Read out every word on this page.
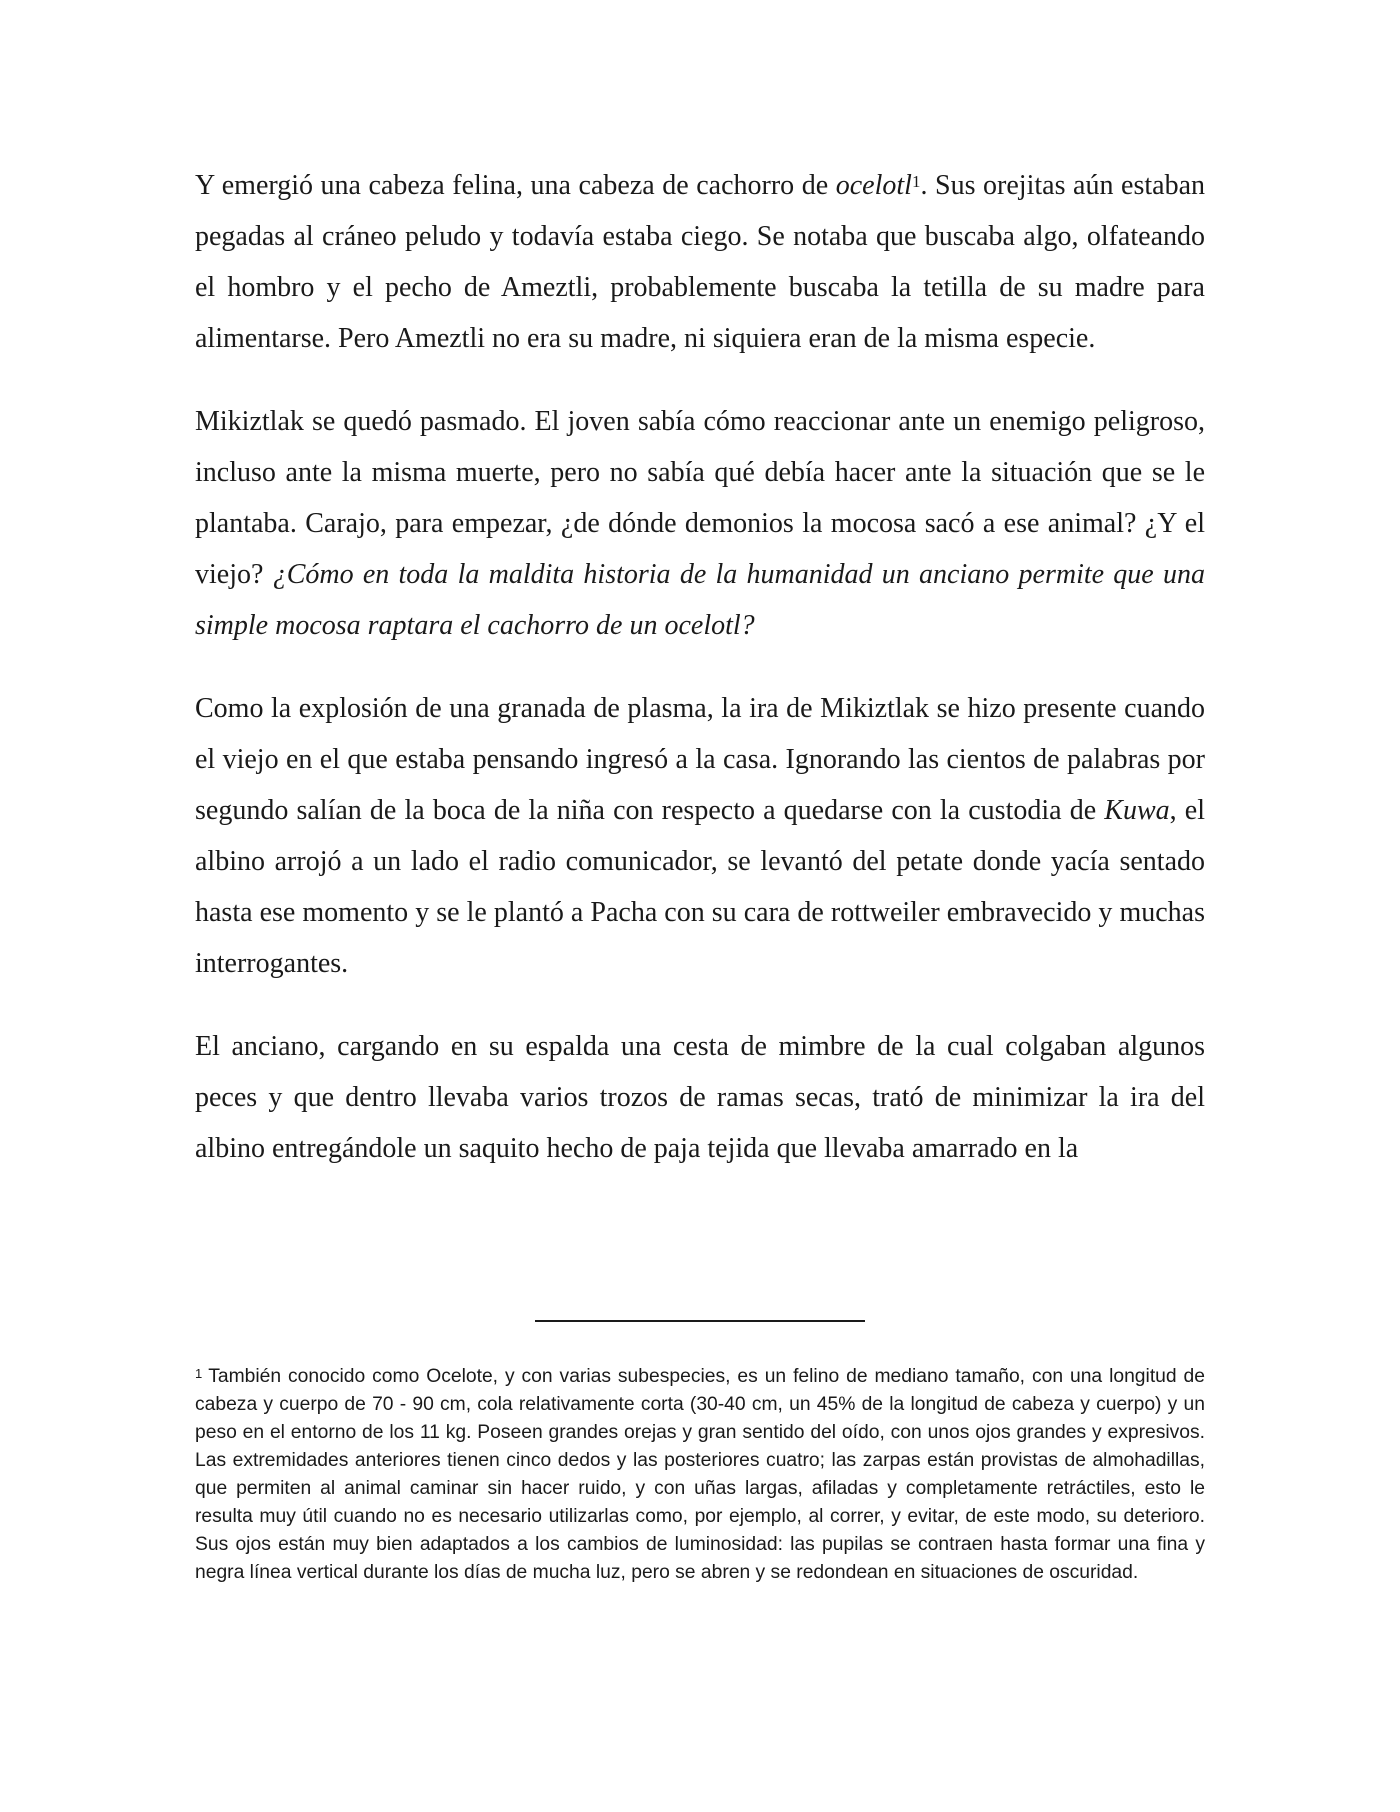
Y emergió una cabeza felina, una cabeza de cachorro de ocelotl$^1$. Sus orejitas aún estaban pegadas al cráneo peludo y todavía estaba ciego. Se notaba que buscaba algo, olfateando el hombro y el pecho de Ameztli, probablemente buscaba la tetilla de su madre para alimentarse. Pero Ameztli no era su madre, ni siquiera eran de la misma especie.

Mikiztlak se quedó pasmado. El joven sabía cómo reaccionar ante un enemigo peligroso, incluso ante la misma muerte, pero no sabía qué debía hacer ante la situación que se le plantaba. Carajo, para empezar, ¿de dónde demonios la mocosa sacó a ese animal? ¿Y el viejo? ¿Cómo en toda la maldita historia de la humanidad un anciano permite que una simple mocosa raptara el cachorro de un ocelotl?

Como la explosión de una granada de plasma, la ira de Mikiztlak se hizo presente cuando el viejo en el que estaba pensando ingresó a la casa. Ignorando las cientos de palabras por segundo salían de la boca de la niña con respecto a quedarse con la custodia de Kuwa, el albino arrojó a un lado el radio comunicador, se levantó del petate donde yacía sentado hasta ese momento y se le plantó a Pacha con su cara de rottweiler embravecido y muchas interrogantes.

El anciano, cargando en su espalda una cesta de mimbre de la cual colgaban algunos peces y que dentro llevaba varios trozos de ramas secas, trató de minimizar la ira del albino entregándole un saquito hecho de paja tejida que llevaba amarrado en la

$^1$ También conocido como Ocelote, y con varias subespecies, es un felino de mediano tamaño, con una longitud de cabeza y cuerpo de 70 - 90 cm, cola relativamente corta (30-40 cm, un 45% de la longitud de cabeza y cuerpo) y un peso en el entorno de los 11 kg. Poseen grandes orejas y gran sentido del oído, con unos ojos grandes y expresivos. Las extremidades anteriores tienen cinco dedos y las posteriores cuatro; las zarpas están provistas de almohadillas, que permiten al animal caminar sin hacer ruido, y con uñas largas, afiladas y completamente retráctiles, esto le resulta muy útil cuando no es necesario utilizarlas como, por ejemplo, al correr, y evitar, de este modo, su deterioro. Sus ojos están muy bien adaptados a los cambios de luminosidad: las pupilas se contraen hasta formar una fina y negra línea vertical durante los días de mucha luz, pero se abren y se redondean en situaciones de oscuridad.
